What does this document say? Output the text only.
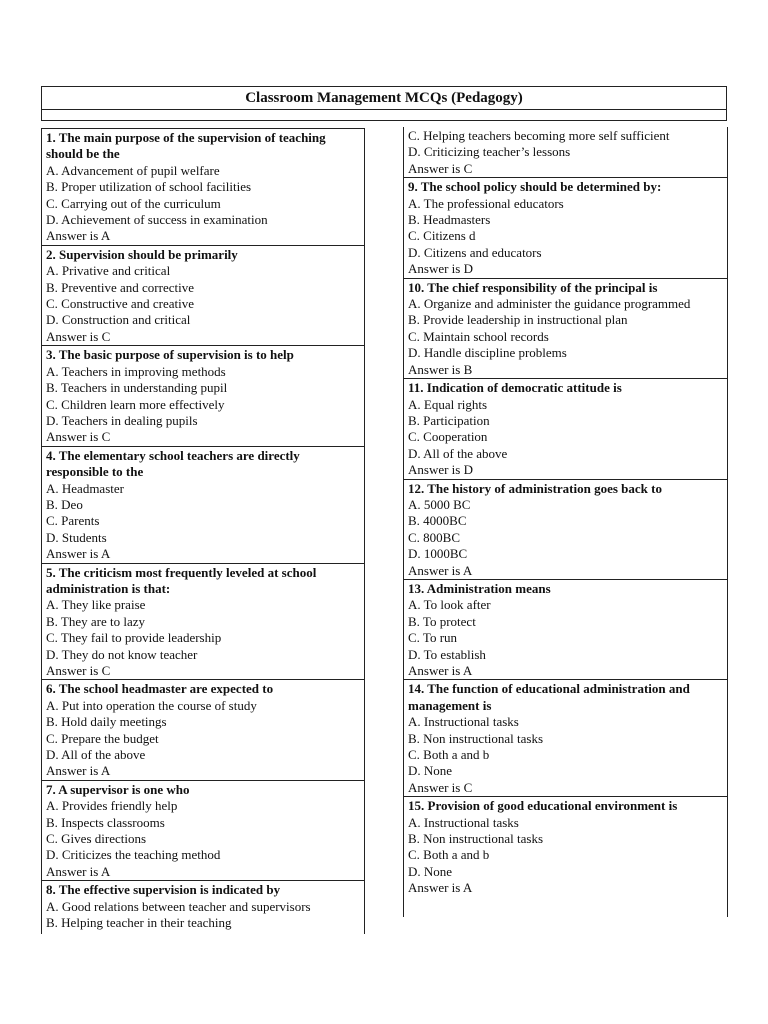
Classroom Management MCQs (Pedagogy)
1. The main purpose of the supervision of teaching should be the
A. Advancement of pupil welfare
B. Proper utilization of school facilities
C. Carrying out of the curriculum
D. Achievement of success in examination
Answer is A
2. Supervision should be primarily
A. Privative and critical
B. Preventive and corrective
C. Constructive and creative
D. Construction and critical
Answer is C
3. The basic purpose of supervision is to help
A. Teachers in improving methods
B. Teachers in understanding pupil
C. Children learn more effectively
D. Teachers in dealing pupils
Answer is C
4. The elementary school teachers are directly responsible to the
A. Headmaster
B. Deo
C. Parents
D. Students
Answer is A
5. The criticism most frequently leveled at school administration is that:
A. They like praise
B. They are to lazy
C. They fail to provide leadership
D. They do not know teacher
Answer is C
6. The school headmaster are expected to
A. Put into operation the course of study
B. Hold daily meetings
C. Prepare the budget
D. All of the above
Answer is A
7. A supervisor is one who
A. Provides friendly help
B. Inspects classrooms
C. Gives directions
D. Criticizes the teaching method
Answer is A
8. The effective supervision is indicated by
A. Good relations between teacher and supervisors
B. Helping teacher in their teaching
C. Helping teachers becoming more self sufficient
D. Criticizing teacher’s lessons
Answer is C
9. The school policy should be determined by:
A. The professional educators
B. Headmasters
C. Citizens d
D. Citizens and educators
Answer is D
10. The chief responsibility of the principal is
A. Organize and administer the guidance programmed
B. Provide leadership in instructional plan
C. Maintain school records
D. Handle discipline problems
Answer is B
11. Indication of democratic attitude is
A. Equal rights
B. Participation
C. Cooperation
D. All of the above
Answer is D
12. The history of administration goes back to
A. 5000 BC
B. 4000BC
C. 800BC
D. 1000BC
Answer is A
13. Administration means
A. To look after
B. To protect
C. To run
D. To establish
Answer is A
14. The function of educational administration and management is
A. Instructional tasks
B. Non instructional tasks
C. Both a and b
D. None
Answer is C
15. Provision of good educational environment is
A. Instructional tasks
B. Non instructional tasks
C. Both a and b
D. None
Answer is A
